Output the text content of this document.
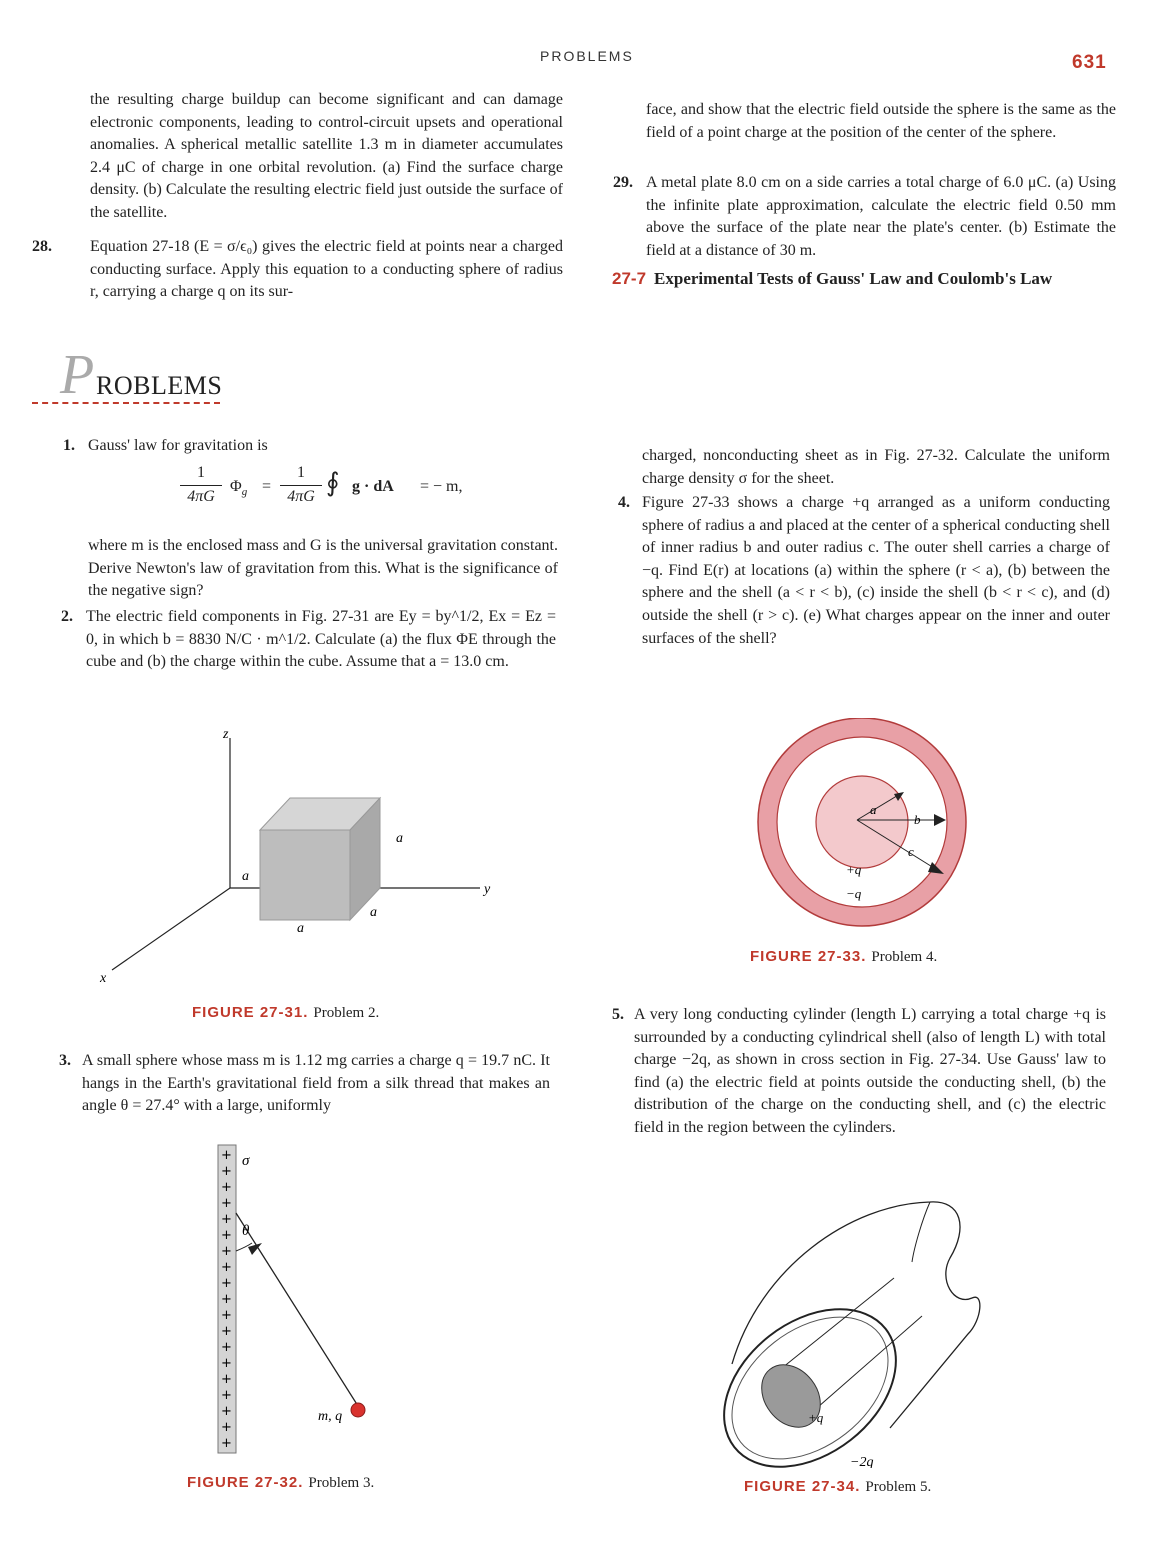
PROBLEMS	631
the resulting charge buildup can become significant and can damage electronic components, leading to control-circuit upsets and operational anomalies. A spherical metallic satellite 1.3 m in diameter accumulates 2.4 μC of charge in one orbital revolution. (a) Find the surface charge density. (b) Calculate the resulting electric field just outside the surface of the satellite.
28. Equation 27-18 (E = σ/ϵ₀) gives the electric field at points near a charged conducting surface. Apply this equation to a conducting sphere of radius r, carrying a charge q on its sur-
face, and show that the electric field outside the sphere is the same as the field of a point charge at the position of the center of the sphere.
29. A metal plate 8.0 cm on a side carries a total charge of 6.0 μC. (a) Using the infinite plate approximation, calculate the electric field 0.50 mm above the surface of the plate near the plate's center. (b) Estimate the field at a distance of 30 m.
27-7 Experimental Tests of Gauss' Law and Coulomb's Law
P ROBLEMS
1. Gauss' law for gravitation is
1
4πG
$\Phi_g$ =
1
4πG ∮ g · dA = − m,
where m is the enclosed mass and G is the universal gravitation constant. Derive Newton's law of gravitation from this. What is the significance of the negative sign?
2. The electric field components in Fig. 27-31 are Ey = by^1/2, Ex = Ez = 0, in which b = 8830 N/C · m^1/2. Calculate (a) the flux ΦE through the cube and (b) the charge within the cube. Assume that a = 13.0 cm.
z
y
x
a
a
a
a
FIGURE 27-31. Problem 2.
3. A small sphere whose mass m is 1.12 mg carries a charge q = 19.7 nC. It hangs in the Earth's gravitational field from a silk thread that makes an angle θ = 27.4° with a large, uniformly
+
+
+
+
+
+
+
+
+
+
+
+
+
+
+
+
+
+
+
σ
θ
m, q
FIGURE 27-32. Problem 3.
charged, nonconducting sheet as in Fig. 27-32. Calculate the uniform charge density σ for the sheet.
4. Figure 27-33 shows a charge +q arranged as a uniform conducting sphere of radius a and placed at the center of a spherical conducting shell of inner radius b and outer radius c. The outer shell carries a charge of −q. Find E(r) at locations (a) within the sphere (r < a), (b) between the sphere and the shell (a < r < b), (c) inside the shell (b < r < c), and (d) outside the shell (r > c). (e) What charges appear on the inner and outer surfaces of the shell?
a
b
c
+q
−q
FIGURE 27-33. Problem 4.
5. A very long conducting cylinder (length L) carrying a total charge +q is surrounded by a conducting cylindrical shell (also of length L) with total charge −2q, as shown in cross section in Fig. 27-34. Use Gauss' law to find (a) the electric field at points outside the conducting shell, (b) the distribution of the charge on the conducting shell, and (c) the electric field in the region between the cylinders.
+q
−2q
FIGURE 27-34. Problem 5.
